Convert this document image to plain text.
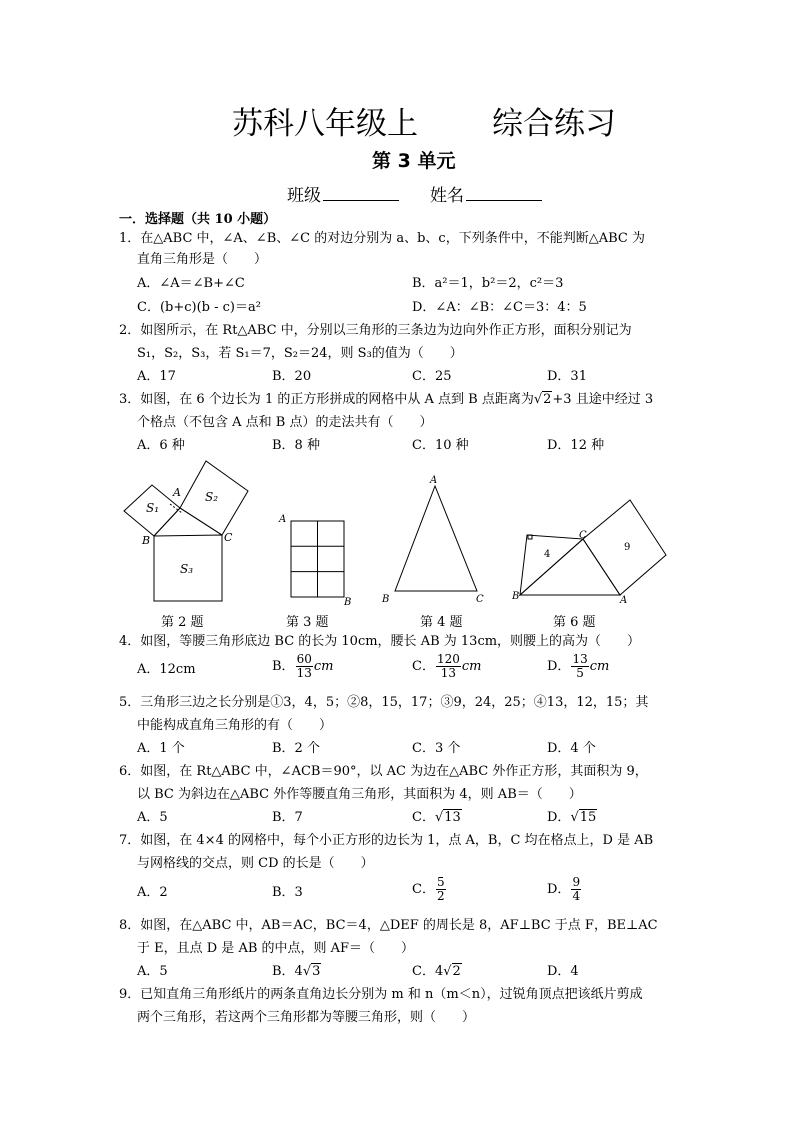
苏科八年级上 综合练习
第 3 单元
班级	姓名
一．选择题（共 10 小题）
1．在△ABC 中，∠A、∠B、∠C 的对边分别为 a、b、c，下列条件中，不能判断△ABC 为
直角三角形是（　　）
A．∠A＝∠B+∠C	B．a²＝1，b²＝2，c²＝3
C．(b+c)(b - c)＝a²	D．∠A：∠B：∠C＝3：4：5
2．如图所示，在 Rt△ABC 中，分别以三角形的三条边为边向外作正方形，面积分别记为
S₁，S₂，S₃，若 S₁＝7，S₂＝24，则 S₃的值为（　　）
A．17	B．20	C．25	D．31
3．如图，在 6 个边长为 1 的正方形拼成的网格中从 A 点到 B 点距离为√2+3 且途中经过 3
个格点（不包含 A 点和 B 点）的走法共有（　　）
A．6 种	B．8 种	C．10 种	D．12 种
S₁
S₂
S₃
A
B	C
A
B
A
B	C
4
9
B
C
A
第 2 题	第 3 题	第 4 题	第 6 题
4．如图，等腰三角形底边 BC 的长为 10cm，腰长 AB 为 13cm，则腰上的高为（　　）
A．12cm	B． $\frac{60}{13}$ cm	C． $\frac{120}{13}$ cm	D． $\frac{13}{5}$ cm
5．三角形三边之长分别是①3，4，5；②8，15，17；③9，24，25；④13，12，15；其
中能构成直角三角形的有（　　）
A．1 个	B．2 个	C．3 个	D．4 个
6．如图，在 Rt△ABC 中，∠ACB＝90°，以 AC 为边在△ABC 外作正方形，其面积为 9，
以 BC 为斜边在△ABC 外作等腰直角三角形，其面积为 4，则 AB＝（　　）
A．5	B．7	C．√13	D．√15
7．如图，在 4×4 的网格中，每个小正方形的边长为 1，点 A，B，C 均在格点上，D 是 AB
与网格线的交点，则 CD 的长是（　　）
A．2	B．3	C． $\frac{5}{2}$	D． $\frac{9}{4}$
8．如图，在△ABC 中，AB＝AC，BC＝4，△DEF 的周长是 8，AF⊥BC 于点 F，BE⊥AC
于 E，且点 D 是 AB 的中点，则 AF＝（　　）
A．5	B．4√3	C．4√2	D．4
9．已知直角三角形纸片的两条直角边长分别为 m 和 n（m＜n），过锐角顶点把该纸片剪成
两个三角形，若这两个三角形都为等腰三角形，则（　　）
